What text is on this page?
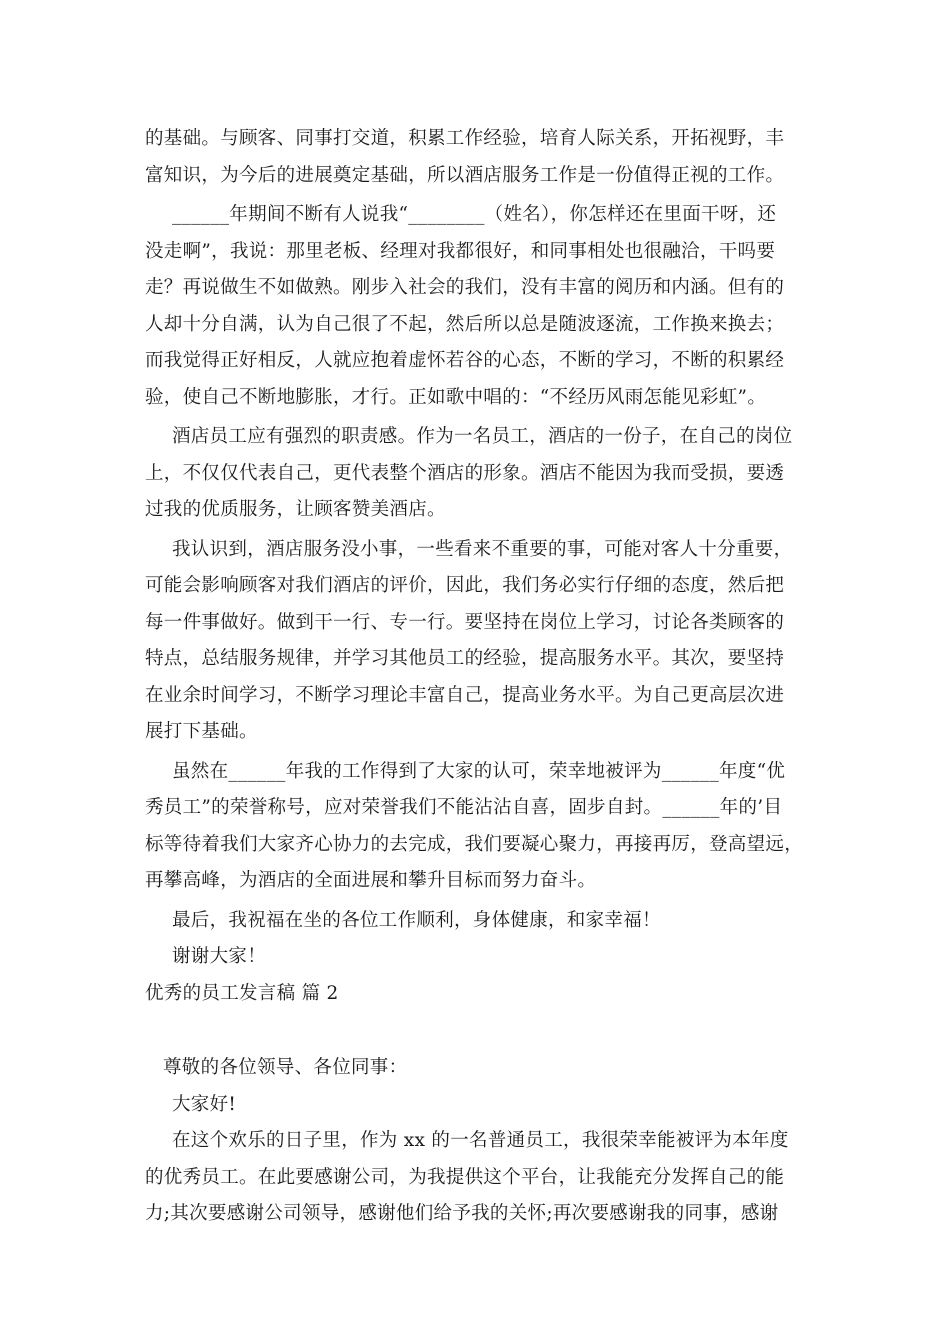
的基础。与顾客、同事打交道，积累工作经验，培育人际关系，开拓视野，丰
富知识，为今后的进展奠定基础，所以酒店服务工作是一份值得正视的工作。
______年期间不断有人说我“________（姓名），你怎样还在里面干呀，还
没走啊”，我说：那里老板、经理对我都很好，和同事相处也很融洽，干吗要
走？再说做生不如做熟。刚步入社会的我们，没有丰富的阅历和内涵。但有的
人却十分自满，认为自己很了不起，然后所以总是随波逐流，工作换来换去；
而我觉得正好相反，人就应抱着虚怀若谷的心态，不断的学习，不断的积累经
验，使自己不断地膨胀，才行。正如歌中唱的：“不经历风雨怎能见彩虹”。
酒店员工应有强烈的职责感。作为一名员工，酒店的一份子，在自己的岗位
上，不仅仅代表自己，更代表整个酒店的形象。酒店不能因为我而受损，要透
过我的优质服务，让顾客赞美酒店。
我认识到，酒店服务没小事，一些看来不重要的事，可能对客人十分重要，
可能会影响顾客对我们酒店的评价，因此，我们务必实行仔细的态度，然后把
每一件事做好。做到干一行、专一行。要坚持在岗位上学习，讨论各类顾客的
特点，总结服务规律，并学习其他员工的经验，提高服务水平。其次，要坚持
在业余时间学习，不断学习理论丰富自己，提高业务水平。为自己更高层次进
展打下基础。
虽然在______年我的工作得到了大家的认可，荣幸地被评为______年度“优
秀员工”的荣誉称号，应对荣誉我们不能沾沾自喜，固步自封。______年的’目
标等待着我们大家齐心协力的去完成，我们要凝心聚力，再接再厉，登高望远，
再攀高峰，为酒店的全面进展和攀升目标而努力奋斗。
最后，我祝福在坐的各位工作顺利，身体健康，和家幸福！
谢谢大家！
优秀的员工发言稿 篇 2
尊敬的各位领导、各位同事：
大家好!
在这个欢乐的日子里，作为 xx 的一名普通员工，我很荣幸能被评为本年度
的优秀员工。在此要感谢公司，为我提供这个平台，让我能充分发挥自己的能
力;其次要感谢公司领导，感谢他们给予我的关怀;再次要感谢我的同事，感谢
